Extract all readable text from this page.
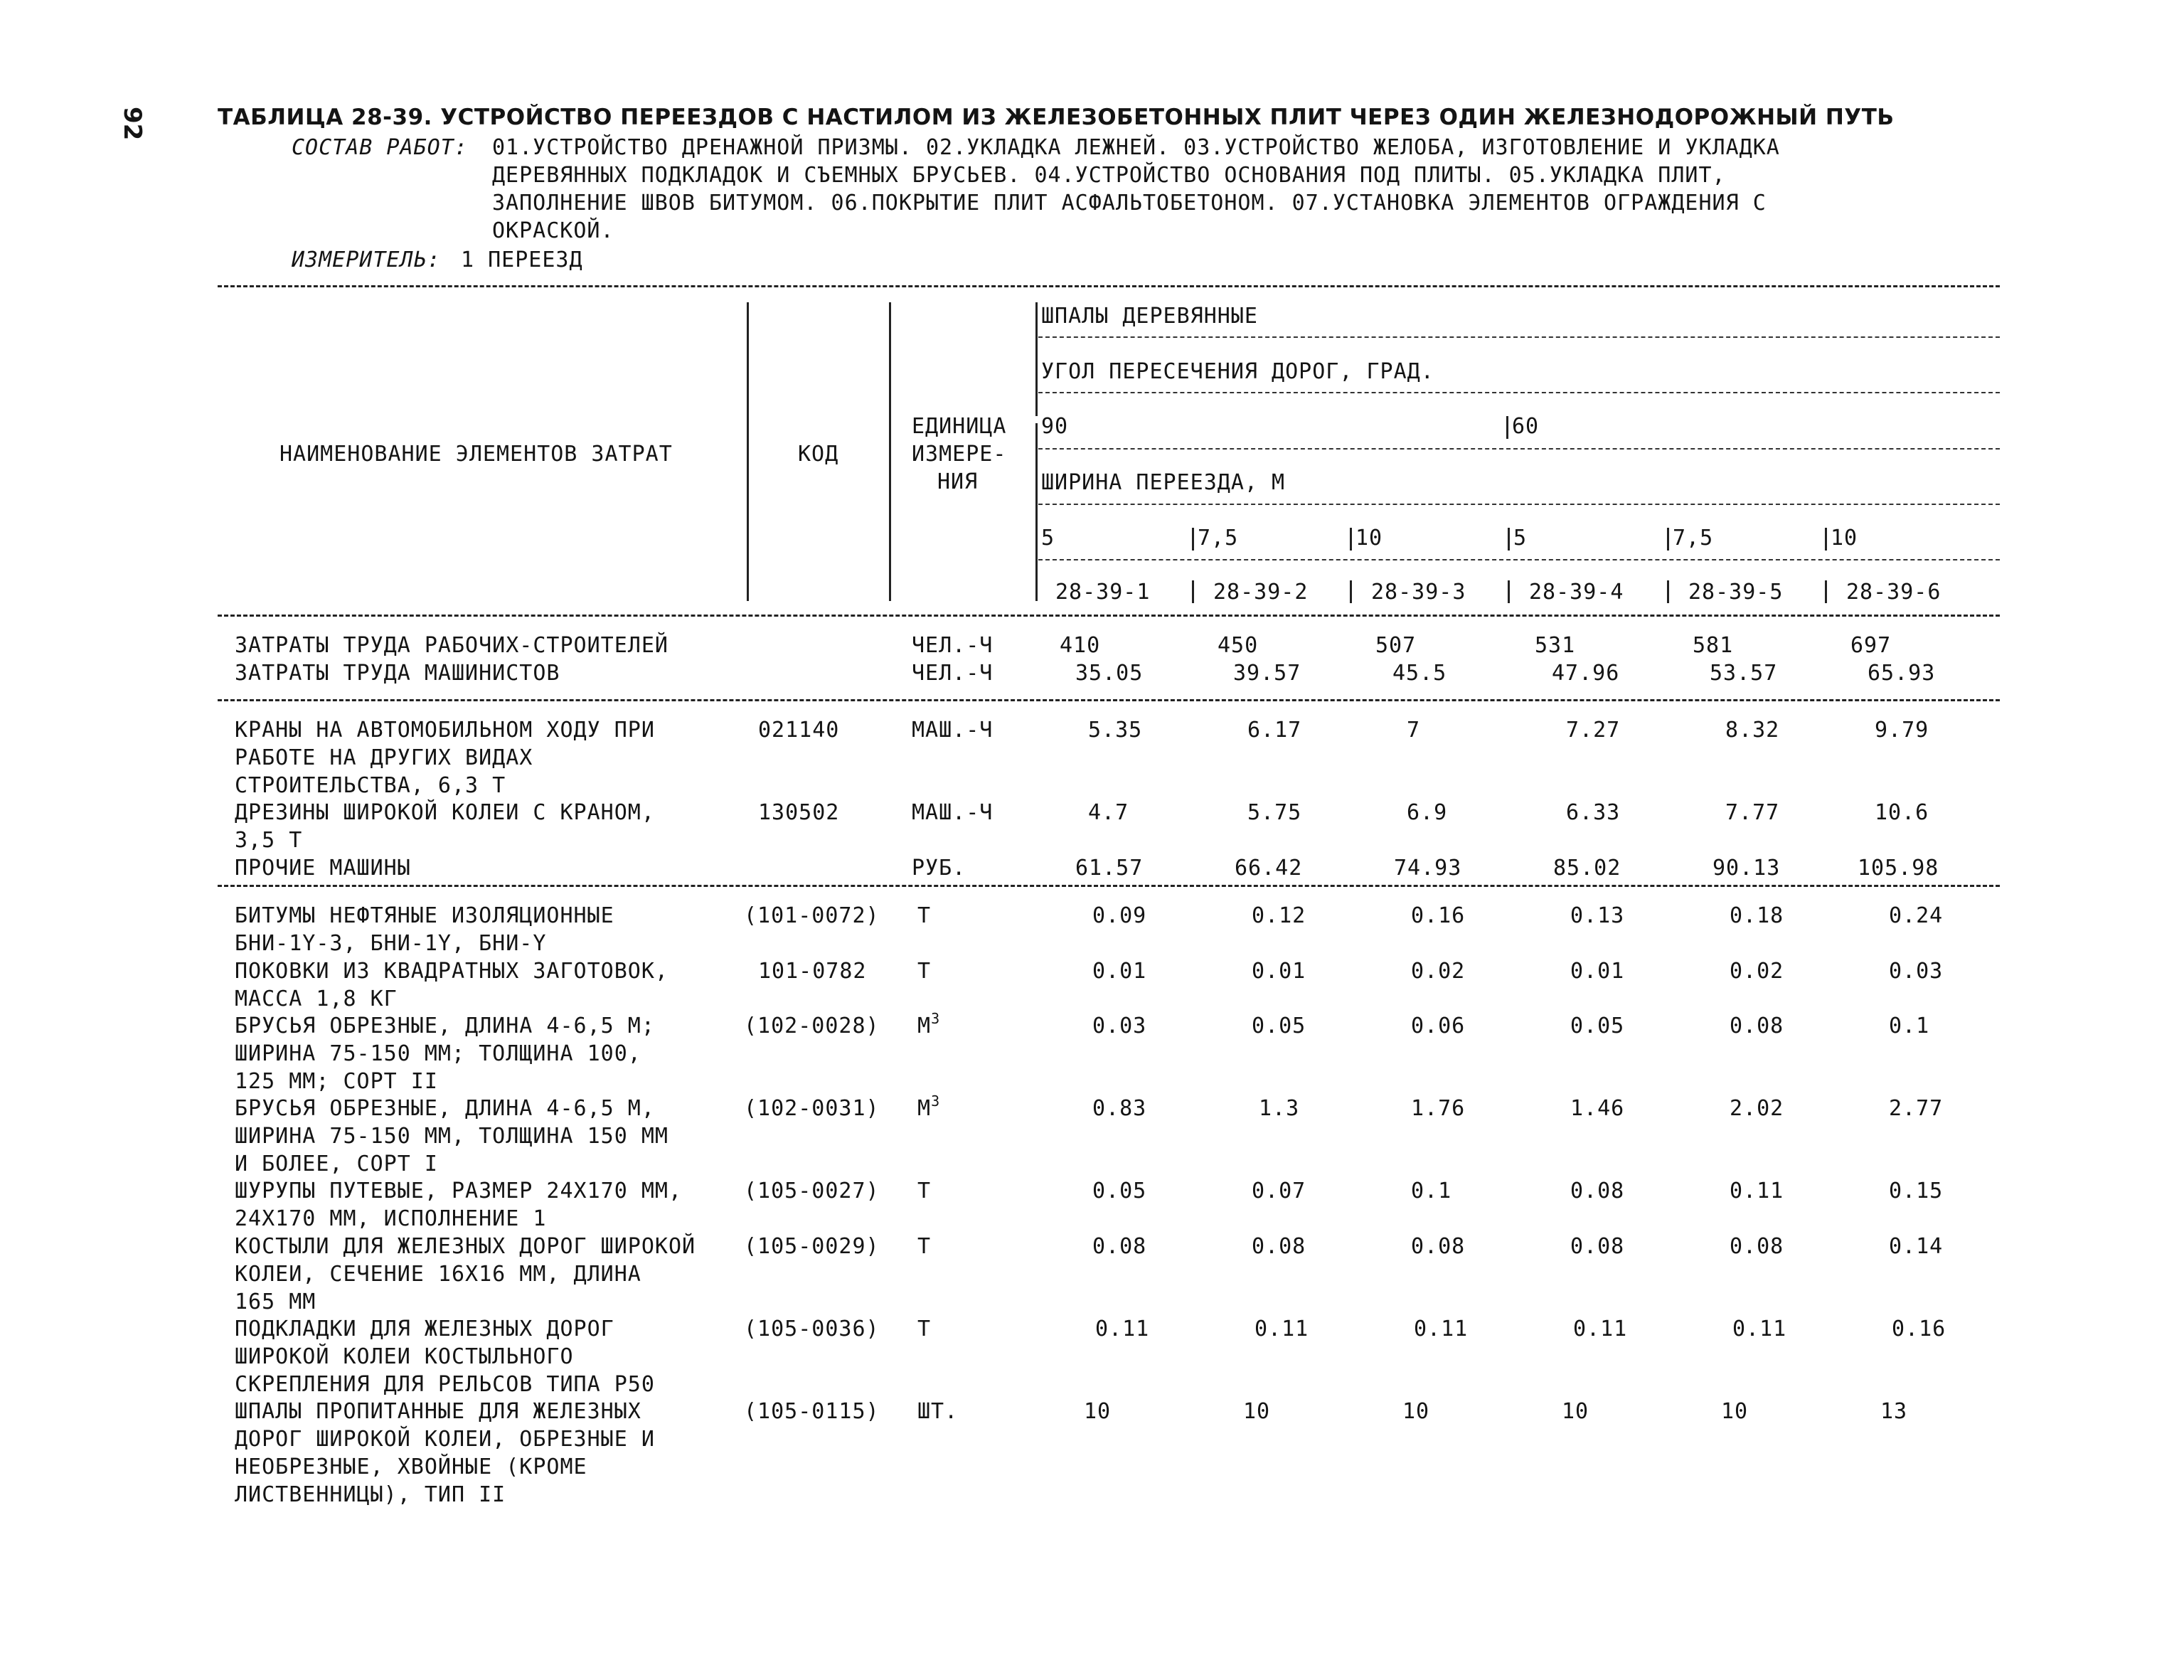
92	ТАБЛИЦА 28-39. УСТРОЙСТВО ПЕРЕЕЗДОВ С НАСТИЛОМ ИЗ ЖЕЛЕЗОБЕТОННЫХ ПЛИТ ЧЕРЕЗ ОДИН ЖЕЛЕЗНОДОРОЖНЫЙ ПУТЬ
СОСТАВ РАБОТ: 01.УСТРОЙСТВО ДРЕНАЖНОЙ ПРИЗМЫ. 02.УКЛАДКА ЛЕЖНЕЙ. 03.УСТРОЙСТВО ЖЕЛОБА, ИЗГОТОВЛЕНИЕ И УКЛАДКА
ДЕРЕВЯННЫХ ПОДКЛАДОК И СЪЕМНЫХ БРУСЬЕВ. 04.УСТРОЙСТВО ОСНОВАНИЯ ПОД ПЛИТЫ. 05.УКЛАДКА ПЛИТ,
ЗАПОЛНЕНИЕ ШВОВ БИТУМОМ. 06.ПОКРЫТИЕ ПЛИТ АСФАЛЬТОБЕТОНОМ. 07.УСТАНОВКА ЭЛЕМЕНТОВ ОГРАЖДЕНИЯ С
ОКРАСКОЙ.
ИЗМЕРИТЕЛЬ: 1 ПЕРЕЕЗД
НАИМЕНОВАНИЕ ЭЛЕМЕНТОВ ЗАТРАТ	КОД
ЕДИНИЦА
ИЗМЕРЕ-
НИЯ
ШПАЛЫ ДЕРЕВЯННЫЕ
УГОЛ ПЕРЕСЕЧЕНИЯ ДОРОГ, ГРАД.
90	60
ШИРИНА ПЕРЕЕЗДА, М
5	7,5	10	5	7,5	10
28-39-1	28-39-2	28-39-3	28-39-4	28-39-5	28-39-6
ЗАТРАТЫ ТРУДА РАБОЧИХ-СТРОИТЕЛЕЙ	ЧЕЛ.-Ч	410	450	507	531	581	697
ЗАТРАТЫ ТРУДА МАШИНИСТОВ	ЧЕЛ.-Ч	35.05	39.57	45.5	47.96	53.57	65.93
КРАНЫ НА АВТОМОБИЛЬНОМ ХОДУ ПРИ
РАБОТЕ НА ДРУГИХ ВИДАХ
СТРОИТЕЛЬСТВА, 6,3 Т
021140	МАШ.-Ч	5.35	6.17	7	7.27	8.32	9.79
ДРЕЗИНЫ ШИРОКОЙ КОЛЕИ С КРАНОМ,
3,5 Т
130502	МАШ.-Ч	4.7	5.75	6.9	6.33	7.77	10.6
ПРОЧИЕ МАШИНЫ	РУБ.	61.57	66.42	74.93	85.02	90.13	105.98
БИТУМЫ НЕФТЯНЫЕ ИЗОЛЯЦИОННЫЕ
БНИ-1Y-3, БНИ-1Y, БНИ-Y
(101-0072) Т	0.09	0.12	0.16	0.13	0.18	0.24
ПОКОВКИ ИЗ КВАДРАТНЫХ ЗАГОТОВОК,
МАССА 1,8 КГ
101-0782 Т	0.01	0.01	0.02	0.01	0.02	0.03
БРУСЬЯ ОБРЕЗНЫЕ, ДЛИНА 4-6,5 М;
ШИРИНА 75-150 ММ; ТОЛЩИНА 100,
125 ММ; СОРТ II
(102-0028) $М^3$	0.03	0.05	0.06	0.05	0.08	0.1
БРУСЬЯ ОБРЕЗНЫЕ, ДЛИНА 4-6,5 М,
ШИРИНА 75-150 ММ, ТОЛЩИНА 150 ММ
И БОЛЕЕ, СОРТ I
(102-0031) $М^3$	0.83	1.3	1.76	1.46	2.02	2.77
ШУРУПЫ ПУТЕВЫЕ, РАЗМЕР 24Х170 ММ,
24Х170 ММ, ИСПОЛНЕНИЕ 1
(105-0027) Т	0.05	0.07	0.1	0.08	0.11	0.15
КОСТЫЛИ ДЛЯ ЖЕЛЕЗНЫХ ДОРОГ ШИРОКОЙ
КОЛЕИ, СЕЧЕНИЕ 16Х16 ММ, ДЛИНА
165 ММ
(105-0029) Т	0.08	0.08	0.08	0.08	0.08	0.14
ПОДКЛАДКИ ДЛЯ ЖЕЛЕЗНЫХ ДОРОГ
ШИРОКОЙ КОЛЕИ КОСТЫЛЬНОГО
СКРЕПЛЕНИЯ ДЛЯ РЕЛЬСОВ ТИПА Р50
(105-0036) Т	0.11	0.11	0.11	0.11	0.11	0.16
ШПАЛЫ ПРОПИТАННЫЕ ДЛЯ ЖЕЛЕЗНЫХ
ДОРОГ ШИРОКОЙ КОЛЕИ, ОБРЕЗНЫЕ И
НЕОБРЕЗНЫЕ, ХВОЙНЫЕ (КРОМЕ
ЛИСТВЕННИЦЫ), ТИП II
(105-0115) ШТ.	10	10	10	10	10	13
